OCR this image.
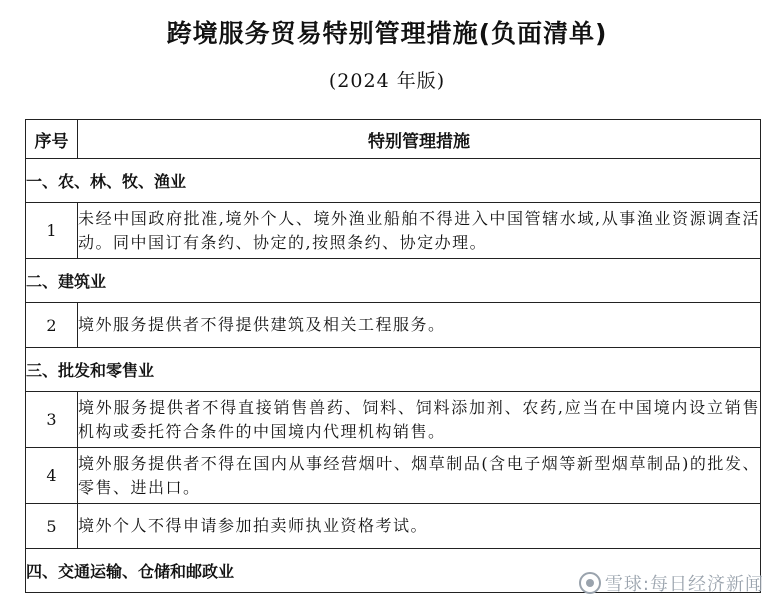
跨境服务贸易特别管理措施(负面清单)
(2024 年版)
序号	特别管理措施
一、农、林、牧、渔业	
1	未经中国政府批准,境外个人、境外渔业船舶不得进入中国管辖水域,从事渔业资源调查活动。同中国订有条约、协定的,按照条约、协定办理。
二、建筑业	
2	境外服务提供者不得提供建筑及相关工程服务。
三、批发和零售业	
3	境外服务提供者不得直接销售兽药、饲料、饲料添加剂、农药,应当在中国境内设立销售机构或委托符合条件的中国境内代理机构销售。
4	境外服务提供者不得在国内从事经营烟叶、烟草制品(含电子烟等新型烟草制品)的批发、零售、进出口。
5	境外个人不得申请参加拍卖师执业资格考试。
四、交通运输、仓储和邮政业	
雪球:每日经济新闻
